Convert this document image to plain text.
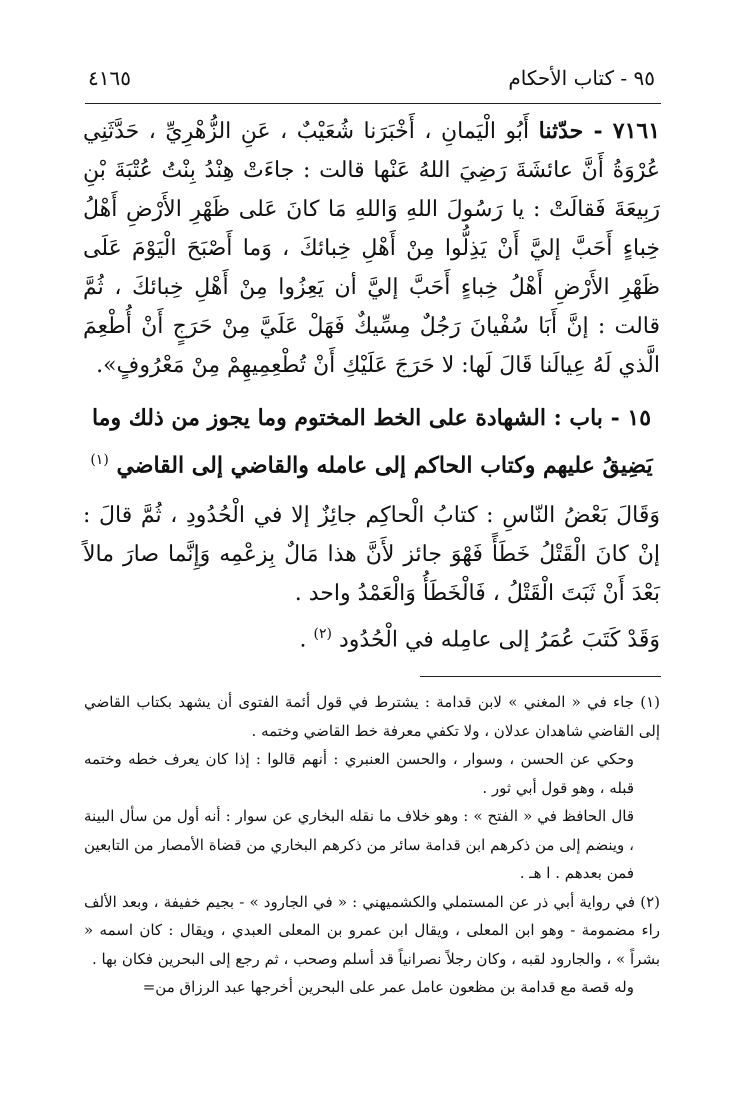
٩٥ - كتاب الأحكام
٤١٦٥

٧١٦١ - حدّثنا أَبُو الْيَمانِ ، أَخْبَرَنا شُعَيْبٌ ، عَنِ الزُّهْرِيِّ ، حَدَّثَنِي عُرْوَةُ أَنَّ عائشَةَ رَضِيَ اللهُ عَنْها قالت : جاءَتْ هِنْدُ بِنْتُ عُتْبَةَ بْنِ رَبِيعَةَ فَقالَتْ : يا رَسُولَ اللهِ وَاللهِ مَا كانَ عَلى ظَهْرِ الأَرْضِ أَهْلُ خِباءٍ أَحَبَّ إليَّ أَنْ يَذِلُّوا مِنْ أَهْلِ خِبائكَ ، وَما أَصْبَحَ الْيَوْمَ عَلَى ظَهْرِ الأَرْضِ أَهْلُ خِباءٍ أَحَبَّ إليَّ أن يَعِزُوا مِنْ أَهْلِ خِبائكَ ، ثُمَّ قالت : إنَّ أَبَا سُفْيانَ رَجُلٌ مِسِّيكٌ فَهَلْ عَلَيَّ مِنْ حَرَجٍ أَنْ أُطْعِمَ الَّذي لَهُ عِيالَنا قَالَ لَها: لا حَرَجَ عَلَيْكِ أَنْ تُطْعِمِيهِمْ مِنْ مَعْرُوفٍ».

١٥ - باب : الشهادة على الخط المختوم وما يجوز من ذلك وما يَضِيقُ عليهم وكتاب الحاكم إلى عامله والقاضي إلى القاضي $^{(١)}$

وَقَالَ بَعْضُ النّاسِ : كتابُ الْحاكِم جائِزٌ إلا في الْحُدُودِ ، ثُمَّ قالَ : إنْ كانَ الْقَتْلُ خَطَأً فَهْوَ جائز لأَنَّ هذا مَالٌ بِزعْمِه وَإِنَّما صارَ مالاً بَعْدَ أَنْ ثَبَتَ الْقَتْلُ ، فَالْخَطَأُ وَالْعَمْدُ واحد .

وَقَدْ كَتَبَ عُمَرُ إلى عامِله في الْحُدُود $^{(٢)}$ .

(١) جاء في « المغني » لابن قدامة : يشترط في قول أئمة الفتوى أن يشهد بكتاب القاضي إلى القاضي شاهدان عدلان ، ولا تكفي معرفة خط القاضي وختمه .

وحكي عن الحسن ، وسوار ، والحسن العنبري : أنهم قالوا : إذا كان يعرف خطه وختمه قبله ، وهو قول أبي ثور .

قال الحافظ في « الفتح » : وهو خلاف ما نقله البخاري عن سوار : أنه أول من سأل البينة ، وينضم إلى من ذكرهم ابن قدامة سائر من ذكرهم البخاري من قضاة الأمصار من التابعين فمن بعدهم . ا هـ .

(٢) في رواية أبي ذر عن المستملي والكشميهني : « في الجارود » - بجيم خفيفة ، وبعد الألف راء مضمومة - وهو ابن المعلى ، ويقال ابن عمرو بن المعلى العبدي ، ويقال : كان اسمه « بشراً » ، والجارود لقبه ، وكان رجلاً نصرانياً قد أسلم وصحب ، ثم رجع إلى البحرين فكان بها .

وله قصة مع قدامة بن مظعون عامل عمر على البحرين أخرجها عبد الرزاق من=
